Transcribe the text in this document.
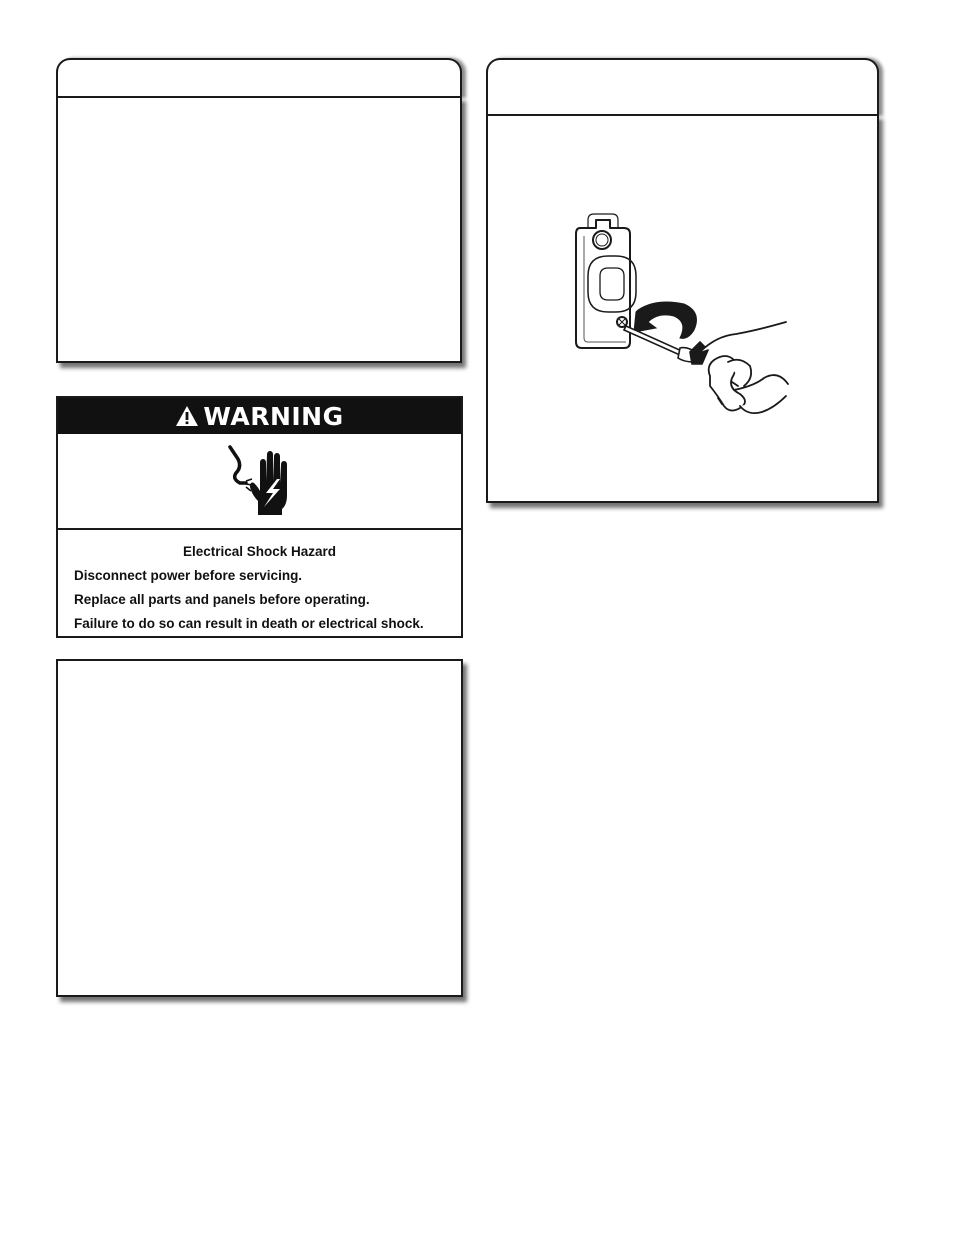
WARNING
Electrical Shock Hazard
Disconnect power before servicing.
Replace all parts and panels before operating.
Failure to do so can result in death or electrical shock.
